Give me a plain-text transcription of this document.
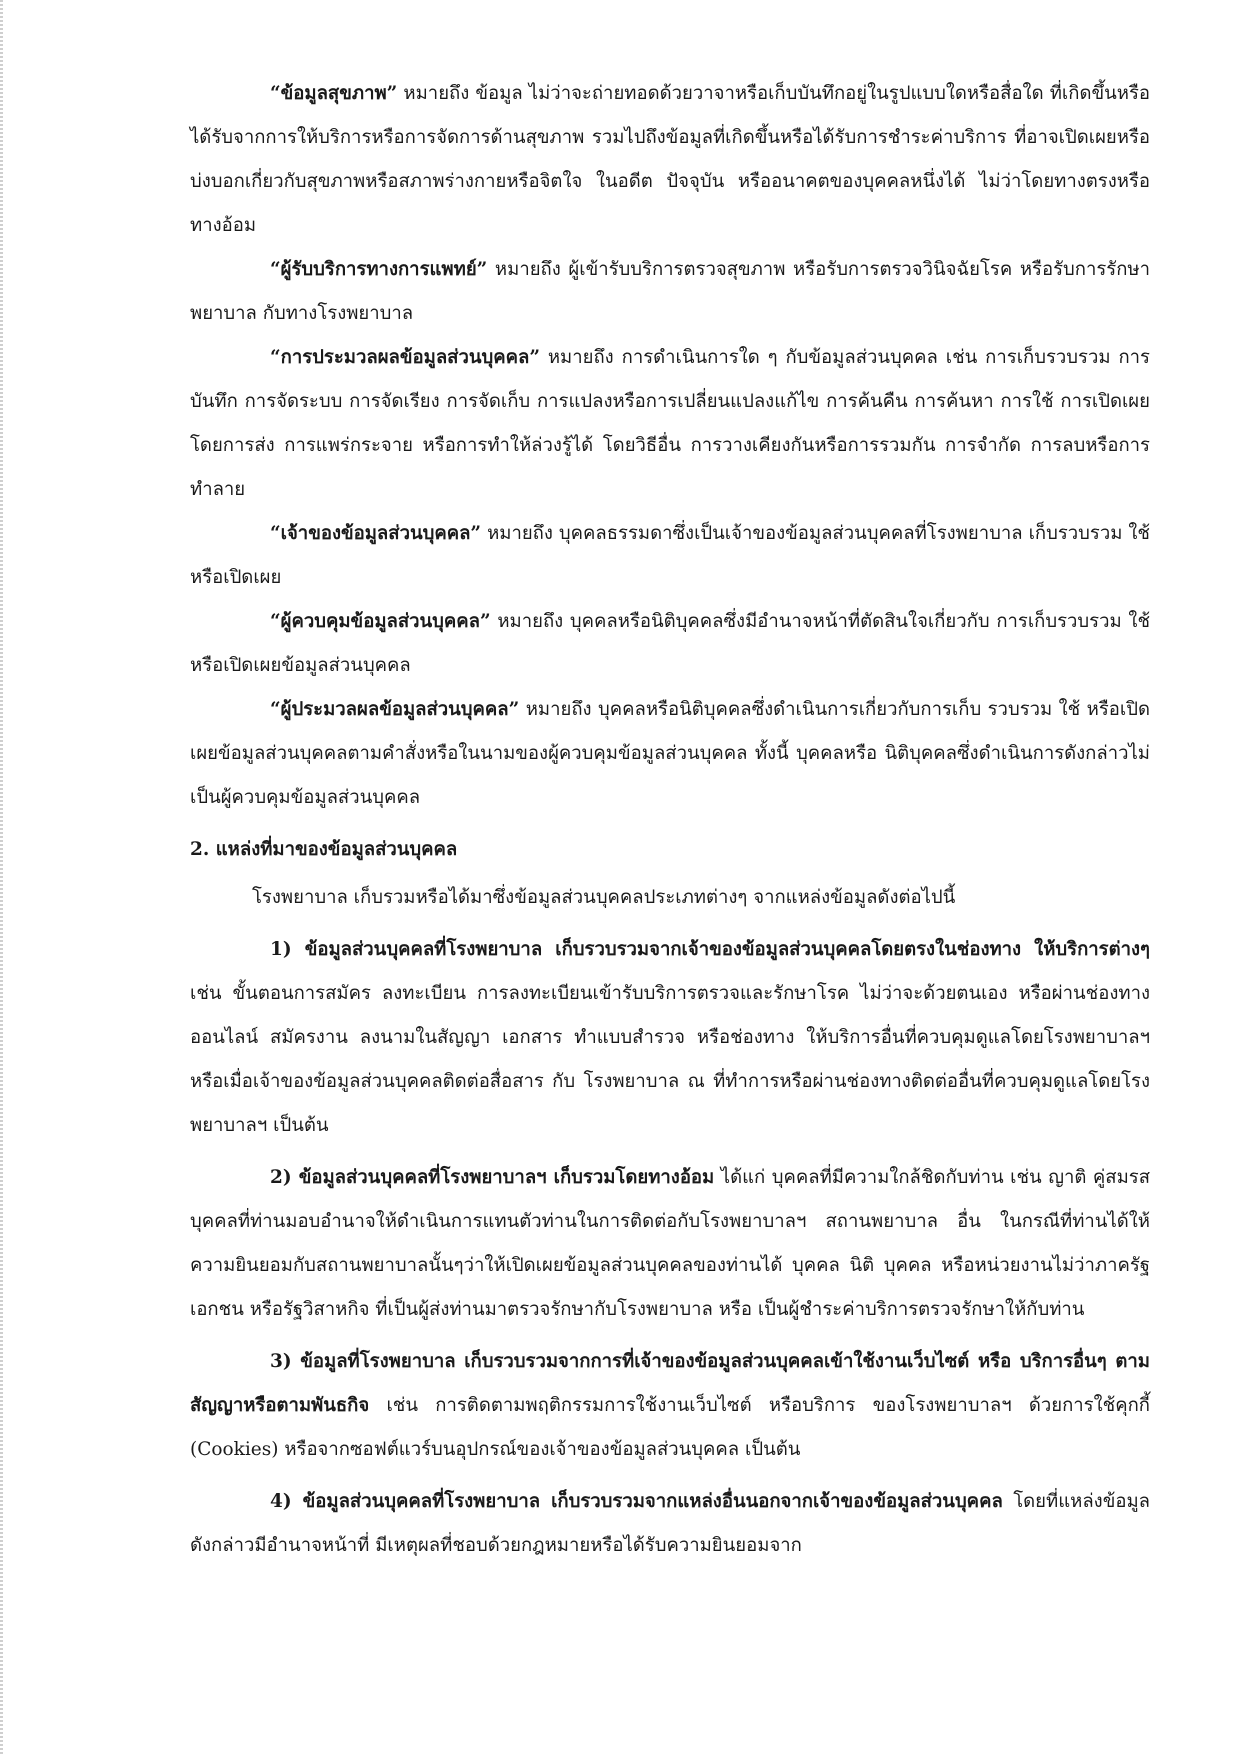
“ข้อมูลสุขภาพ” หมายถึง ข้อมูล ไม่ว่าจะถ่ายทอดด้วยวาจาหรือเก็บบันทึกอยู่ในรูปแบบใดหรือสื่อใด ที่เกิดขึ้นหรือได้รับจากการให้บริการหรือการจัดการด้านสุขภาพ รวมไปถึงข้อมูลที่เกิดขึ้นหรือได้รับการชำระค่าบริการ ที่อาจเปิดเผยหรือบ่งบอกเกี่ยวกับสุขภาพหรือสภาพร่างกายหรือจิตใจ ในอดีต ปัจจุบัน หรืออนาคตของบุคคลหนึ่งได้ ไม่ว่าโดยทางตรงหรือทางอ้อม

“ผู้รับบริการทางการแพทย์” หมายถึง ผู้เข้ารับบริการตรวจสุขภาพ หรือรับการตรวจวินิจฉัยโรค หรือรับการรักษาพยาบาล กับทางโรงพยาบาล

“การประมวลผลข้อมูลส่วนบุคคล” หมายถึง การดำเนินการใด ๆ กับข้อมูลส่วนบุคคล เช่น การเก็บรวบรวม การบันทึก การจัดระบบ การจัดเรียง การจัดเก็บ การแปลงหรือการเปลี่ยนแปลงแก้ไข การค้นคืน การค้นหา การใช้ การเปิดเผยโดยการส่ง การแพร่กระจาย หรือการทำให้ล่วงรู้ได้ โดยวิธีอื่น การวางเคียงกันหรือการรวมกัน การจำกัด การลบหรือการทำลาย

“เจ้าของข้อมูลส่วนบุคคล” หมายถึง บุคคลธรรมดาซึ่งเป็นเจ้าของข้อมูลส่วนบุคคลที่โรงพยาบาล เก็บรวบรวม ใช้ หรือเปิดเผย

“ผู้ควบคุมข้อมูลส่วนบุคคล” หมายถึง บุคคลหรือนิติบุคคลซึ่งมีอำนาจหน้าที่ตัดสินใจเกี่ยวกับ การเก็บรวบรวม ใช้ หรือเปิดเผยข้อมูลส่วนบุคคล

“ผู้ประมวลผลข้อมูลส่วนบุคคล” หมายถึง บุคคลหรือนิติบุคคลซึ่งดำเนินการเกี่ยวกับการเก็บ รวบรวม ใช้ หรือเปิดเผยข้อมูลส่วนบุคคลตามคำสั่งหรือในนามของผู้ควบคุมข้อมูลส่วนบุคคล ทั้งนี้ บุคคลหรือ นิติบุคคลซึ่งดำเนินการดังกล่าวไม่เป็นผู้ควบคุมข้อมูลส่วนบุคคล

2. แหล่งที่มาของข้อมูลส่วนบุคคล

โรงพยาบาล เก็บรวมหรือได้มาซึ่งข้อมูลส่วนบุคคลประเภทต่างๆ จากแหล่งข้อมูลดังต่อไปนี้

1) ข้อมูลส่วนบุคคลที่โรงพยาบาล เก็บรวบรวมจากเจ้าของข้อมูลส่วนบุคคลโดยตรงในช่องทาง ให้บริการต่างๆ เช่น ขั้นตอนการสมัคร ลงทะเบียน การลงทะเบียนเข้ารับบริการตรวจและรักษาโรค ไม่ว่าจะด้วยตนเอง หรือผ่านช่องทางออนไลน์ สมัครงาน ลงนามในสัญญา เอกสาร ทำแบบสำรวจ หรือช่องทาง ให้บริการอื่นที่ควบคุมดูแลโดยโรงพยาบาลฯ หรือเมื่อเจ้าของข้อมูลส่วนบุคคลติดต่อสื่อสาร กับ โรงพยาบาล ณ ที่ทำการหรือผ่านช่องทางติดต่ออื่นที่ควบคุมดูแลโดยโรงพยาบาลฯ เป็นต้น

2) ข้อมูลส่วนบุคคลที่โรงพยาบาลฯ เก็บรวมโดยทางอ้อม ได้แก่ บุคคลที่มีความใกล้ชิดกับท่าน เช่น ญาติ คู่สมรส บุคคลที่ท่านมอบอำนาจให้ดำเนินการแทนตัวท่านในการติดต่อกับโรงพยาบาลฯ สถานพยาบาล อื่น ในกรณีที่ท่านได้ให้ความยินยอมกับสถานพยาบาลนั้นๆว่าให้เปิดเผยข้อมูลส่วนบุคคลของท่านได้ บุคคล นิติ บุคคล หรือหน่วยงานไม่ว่าภาครัฐ เอกชน หรือรัฐวิสาหกิจ ที่เป็นผู้ส่งท่านมาตรวจรักษากับโรงพยาบาล หรือ เป็นผู้ชำระค่าบริการตรวจรักษาให้กับท่าน

3) ข้อมูลที่โรงพยาบาล เก็บรวบรวมจากการที่เจ้าของข้อมูลส่วนบุคคลเข้าใช้งานเว็บไซต์ หรือ บริการอื่นๆ ตามสัญญาหรือตามพันธกิจ เช่น การติดตามพฤติกรรมการใช้งานเว็บไซต์ หรือบริการ ของโรงพยาบาลฯ ด้วยการใช้คุกกี้ (Cookies) หรือจากซอฟต์แวร์บนอุปกรณ์ของเจ้าของข้อมูลส่วนบุคคล เป็นต้น

4) ข้อมูลส่วนบุคคลที่โรงพยาบาล เก็บรวบรวมจากแหล่งอื่นนอกจากเจ้าของข้อมูลส่วนบุคคล โดยที่แหล่งข้อมูลดังกล่าวมีอำนาจหน้าที่ มีเหตุผลที่ชอบด้วยกฎหมายหรือได้รับความยินยอมจาก
